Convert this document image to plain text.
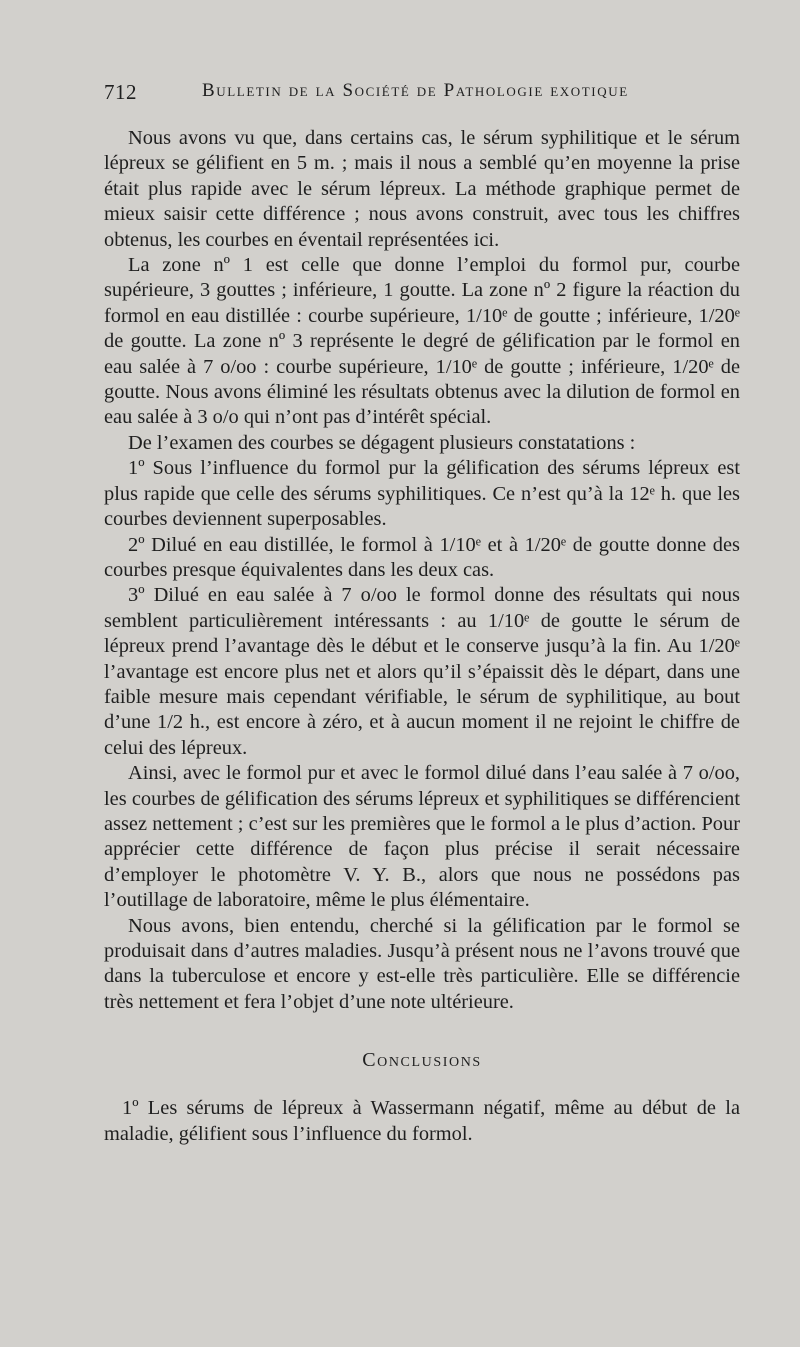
712	Bulletin de la Société de Pathologie exotique

Nous avons vu que, dans certains cas, le sérum syphilitique et le sérum lépreux se gélifient en 5 m. ; mais il nous a semblé qu’en moyenne la prise était plus rapide avec le sérum lépreux. La méthode graphique permet de mieux saisir cette différence ; nous avons construit, avec tous les chiffres obtenus, les courbes en éventail représentées ici.

La zone nº 1 est celle que donne l’emploi du formol pur, courbe supérieure, 3 gouttes ; inférieure, 1 goutte. La zone nº 2 figure la réaction du formol en eau distillée : courbe supérieure, 1/10ᵉ de goutte ; inférieure, 1/20ᵉ de goutte. La zone nº 3 représente le degré de gélification par le formol en eau salée à 7 o/oo : courbe supérieure, 1/10ᵉ de goutte ; inférieure, 1/20ᵉ de goutte. Nous avons éliminé les résultats obtenus avec la dilution de formol en eau salée à 3 o/o qui n’ont pas d’intérêt spécial.

De l’examen des courbes se dégagent plusieurs constatations :

1º Sous l’influence du formol pur la gélification des sérums lépreux est plus rapide que celle des sérums syphilitiques. Ce n’est qu’à la 12ᵉ h. que les courbes deviennent superposables.

2º Dilué en eau distillée, le formol à 1/10ᵉ et à 1/20ᵉ de goutte donne des courbes presque équivalentes dans les deux cas.

3º Dilué en eau salée à 7 o/oo le formol donne des résultats qui nous semblent particulièrement intéressants : au 1/10ᵉ de goutte le sérum de lépreux prend l’avantage dès le début et le conserve jusqu’à la fin. Au 1/20ᵉ l’avantage est encore plus net et alors qu’il s’épaissit dès le départ, dans une faible mesure mais cependant vérifiable, le sérum de syphilitique, au bout d’une 1/2 h., est encore à zéro, et à aucun moment il ne rejoint le chiffre de celui des lépreux.

Ainsi, avec le formol pur et avec le formol dilué dans l’eau salée à 7 o/oo, les courbes de gélification des sérums lépreux et syphilitiques se différencient assez nettement ; c’est sur les premières que le formol a le plus d’action. Pour apprécier cette différence de façon plus précise il serait nécessaire d’employer le photomètre V. Y. B., alors que nous ne possédons pas l’outillage de laboratoire, même le plus élémentaire.

Nous avons, bien entendu, cherché si la gélification par le formol se produisait dans d’autres maladies. Jusqu’à présent nous ne l’avons trouvé que dans la tuberculose et encore y est-elle très particulière. Elle se différencie très nettement et fera l’objet d’une note ultérieure.

Conclusions

1º Les sérums de lépreux à Wassermann négatif, même au début de la maladie, gélifient sous l’influence du formol.
